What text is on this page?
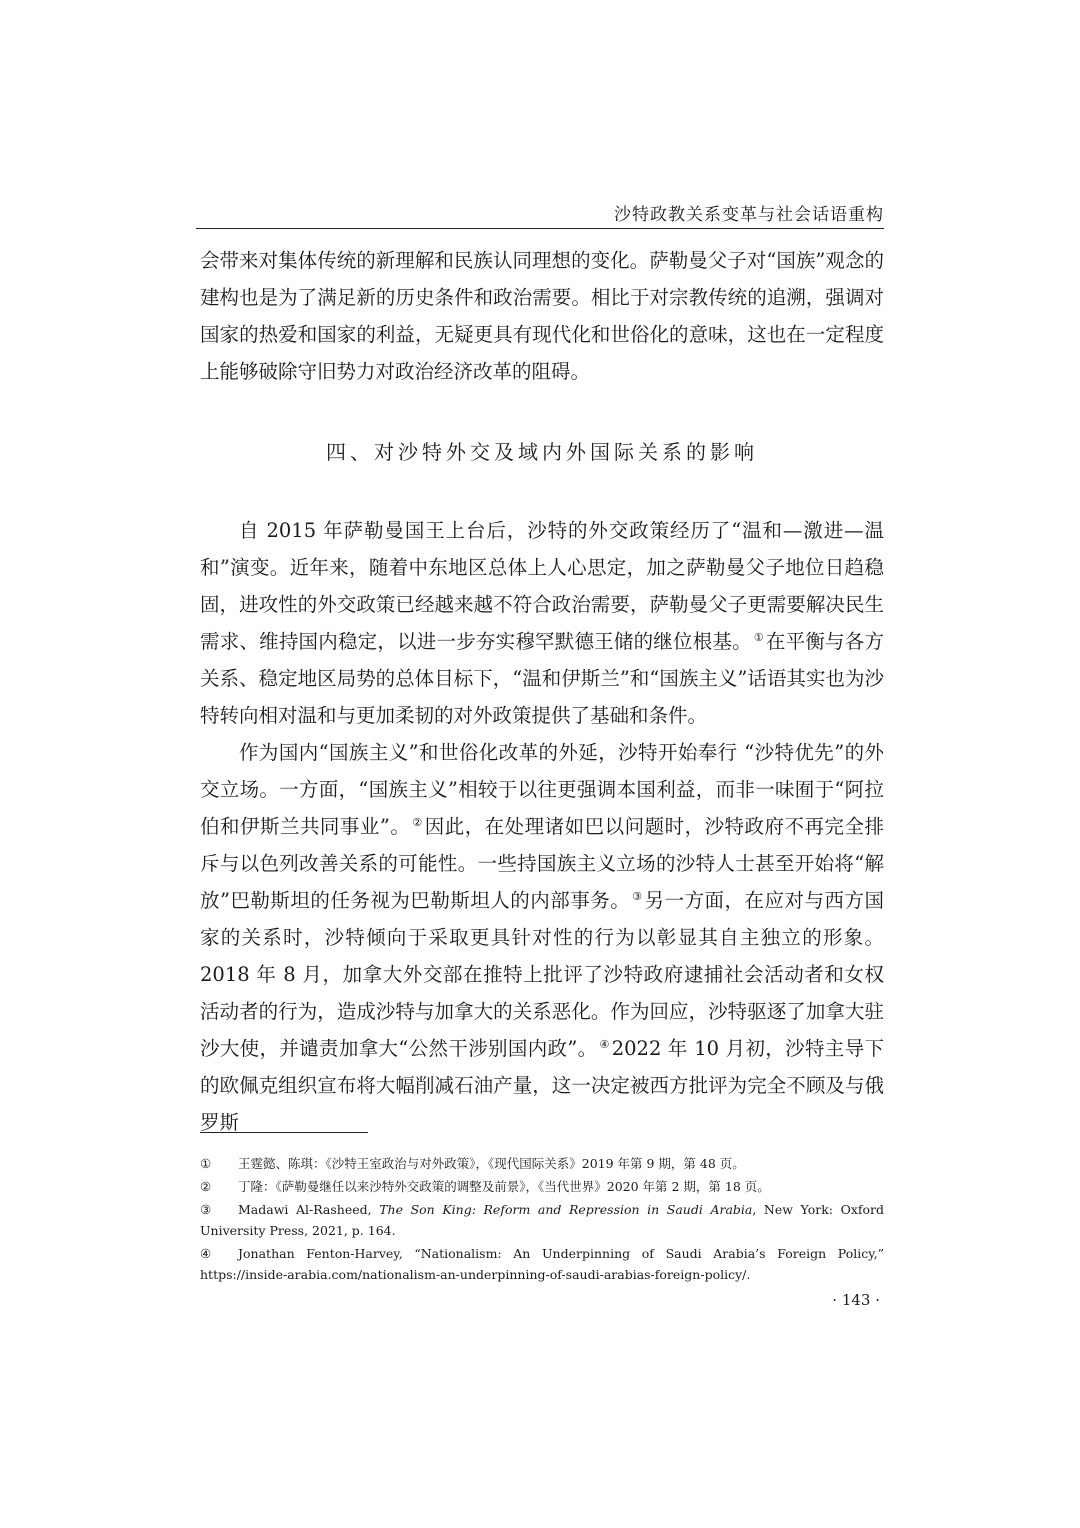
沙特政教关系变革与社会话语重构

会带来对集体传统的新理解和民族认同理想的变化。萨勒曼父子对“国族”观念的建构也是为了满足新的历史条件和政治需要。相比于对宗教传统的追溯，强调对国家的热爱和国家的利益，无疑更具有现代化和世俗化的意味，这也在一定程度上能够破除守旧势力对政治经济改革的阻碍。

四、对沙特外交及域内外国际关系的影响

自 2015 年萨勒曼国王上台后，沙特的外交政策经历了“温和—激进—温和”演变。近年来，随着中东地区总体上人心思定，加之萨勒曼父子地位日趋稳固，进攻性的外交政策已经越来越不符合政治需要，萨勒曼父子更需要解决民生需求、维持国内稳定，以进一步夯实穆罕默德王储的继位根基。 ① 在平衡与各方关系、稳定地区局势的总体目标下，“温和伊斯兰”和“国族主义”话语其实也为沙特转向相对温和与更加柔韧的对外政策提供了基础和条件。

作为国内“国族主义”和世俗化改革的外延，沙特开始奉行 “沙特优先”的外交立场。一方面，“国族主义”相较于以往更强调本国利益，而非一味囿于“阿拉伯和伊斯兰共同事业”。 ② 因此，在处理诸如巴以问题时，沙特政府不再完全排斥与以色列改善关系的可能性。一些持国族主义立场的沙特人士甚至开始将“解放”巴勒斯坦的任务视为巴勒斯坦人的内部事务。 ③ 另一方面，在应对与西方国家的关系时，沙特倾向于采取更具针对性的行为以彰显其自主独立的形象。2018 年 8 月，加拿大外交部在推特上批评了沙特政府逮捕社会活动者和女权活动者的行为，造成沙特与加拿大的关系恶化。作为回应，沙特驱逐了加拿大驻沙大使，并谴责加拿大“公然干涉别国内政”。 ④ 2022 年 10 月初，沙特主导下的欧佩克组织宣布将大幅削减石油产量，这一决定被西方批评为完全不顾及与俄罗斯

① 王霆懿、陈琪：《沙特王室政治与对外政策》，《现代国际关系》2019 年第 9 期，第 48 页。

② 丁隆：《萨勒曼继任以来沙特外交政策的调整及前景》，《当代世界》2020 年第 2 期，第 18 页。

③ Madawi Al-Rasheed, The Son King: Reform and Repression in Saudi Arabia, New York: Oxford University Press, 2021, p. 164.

④ Jonathan Fenton-Harvey, “Nationalism: An Underpinning of Saudi Arabia’s Foreign Policy,” https://inside-arabia.com/nationalism-an-underpinning-of-saudi-arabias-foreign-policy/.

· 143 ·
